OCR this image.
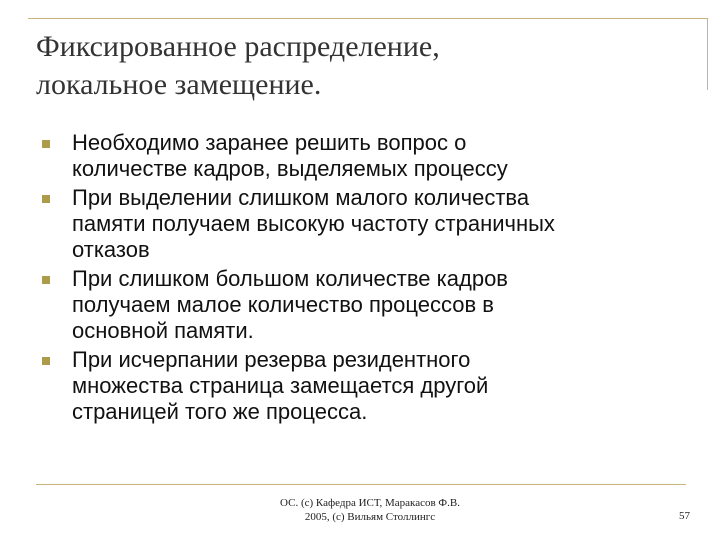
Фиксированное распределение,
локальное замещение.
Необходимо заранее решить вопрос о
количестве кадров, выделяемых процессу
При выделении слишком малого количества
памяти получаем высокую частоту страничных
отказов
При слишком большом количестве кадров
получаем малое количество процессов в
основной памяти.
При исчерпании резерва резидентного
множества страница замещается другой
страницей того же процесса.
ОС. (c) Кафедра ИСТ, Маракасов Ф.В.
2005, (с) Вильям Столлингс	57
